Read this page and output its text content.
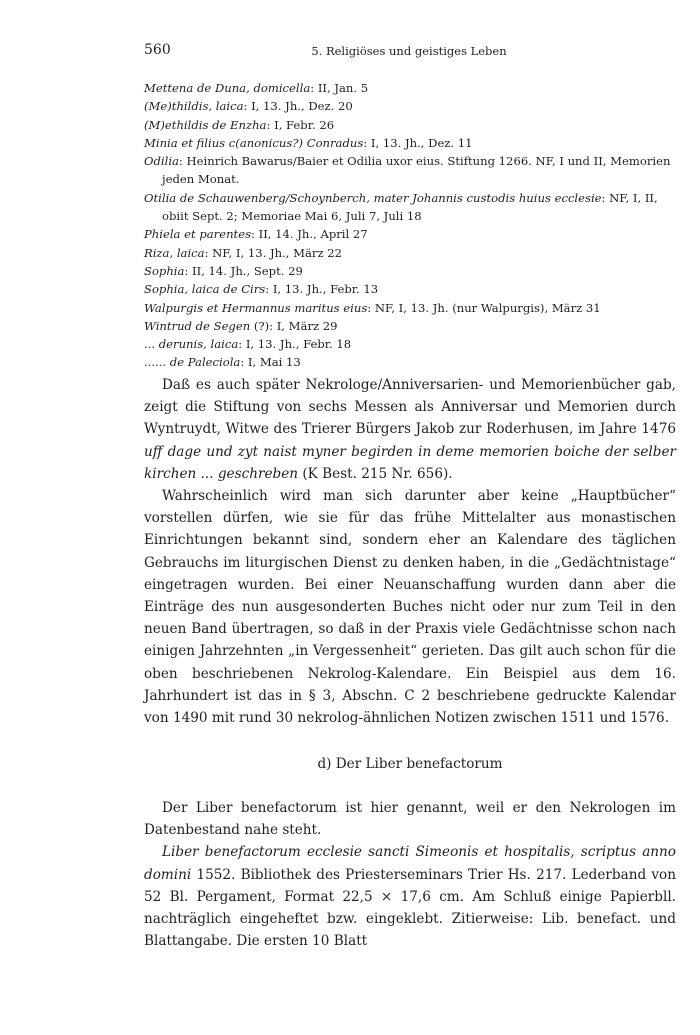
560	5. Religiöses und geistiges Leben
Mettena de Duna, domicella: II, Jan. 5
(Me)thildis, laica: I, 13. Jh., Dez. 20
(M)ethildis de Enzha: I, Febr. 26
Minia et filius c(anonicus?) Conradus: I, 13. Jh., Dez. 11
Odilia: Heinrich Bawarus/Baier et Odilia uxor eius. Stiftung 1266. NF, I und II, Memorien jeden Monat.
Otilia de Schauwenberg/Schoynberch, mater Johannis custodis huius ecclesie: NF, I, II, obiit Sept. 2; Memoriae Mai 6, Juli 7, Juli 18
Phiela et parentes: II, 14. Jh., April 27
Riza, laica: NF, I, 13. Jh., März 22
Sophia: II, 14. Jh., Sept. 29
Sophia, laica de Cirs: I, 13. Jh., Febr. 13
Walpurgis et Hermannus maritus eius: NF, I, 13. Jh. (nur Walpurgis), März 31
Wintrud de Segen (?): I, März 29
... derunis, laica: I, 13. Jh., Febr. 18
...... de Paleciola: I, Mai 13

Daß es auch später Nekrologe/Anniversarien- und Memorienbücher gab, zeigt die Stiftung von sechs Messen als Anniversar und Memorien durch Wyntruydt, Witwe des Trierer Bürgers Jakob zur Roderhusen, im Jahre 1476 uff dage und zyt naist myner begirden in deme memorien boiche der selber kirchen ... geschreben (K Best. 215 Nr. 656).

Wahrscheinlich wird man sich darunter aber keine „Hauptbücher“ vorstellen dürfen, wie sie für das frühe Mittelalter aus monastischen Einrichtungen bekannt sind, sondern eher an Kalendare des täglichen Gebrauchs im liturgischen Dienst zu denken haben, in die „Gedächtnistage“ eingetragen wurden. Bei einer Neuanschaffung wurden dann aber die Einträge des nun ausgesonderten Buches nicht oder nur zum Teil in den neuen Band übertragen, so daß in der Praxis viele Gedächtnisse schon nach einigen Jahrzehnten „in Vergessenheit“ gerieten. Das gilt auch schon für die oben beschriebenen Nekrolog-Kalendare. Ein Beispiel aus dem 16. Jahrhundert ist das in § 3, Abschn. C 2 beschriebene gedruckte Kalendar von 1490 mit rund 30 nekrolog-ähnlichen Notizen zwischen 1511 und 1576.

d) Der Liber benefactorum

Der Liber benefactorum ist hier genannt, weil er den Nekrologen im Datenbestand nahe steht.

Liber benefactorum ecclesie sancti Simeonis et hospitalis, scriptus anno domini 1552. Bibliothek des Priesterseminars Trier Hs. 217. Lederband von 52 Bl. Pergament, Format 22,5 × 17,6 cm. Am Schluß einige Papierbll. nachträglich eingeheftet bzw. eingeklebt. Zitierweise: Lib. benefact. und Blattangabe. Die ersten 10 Blatt
